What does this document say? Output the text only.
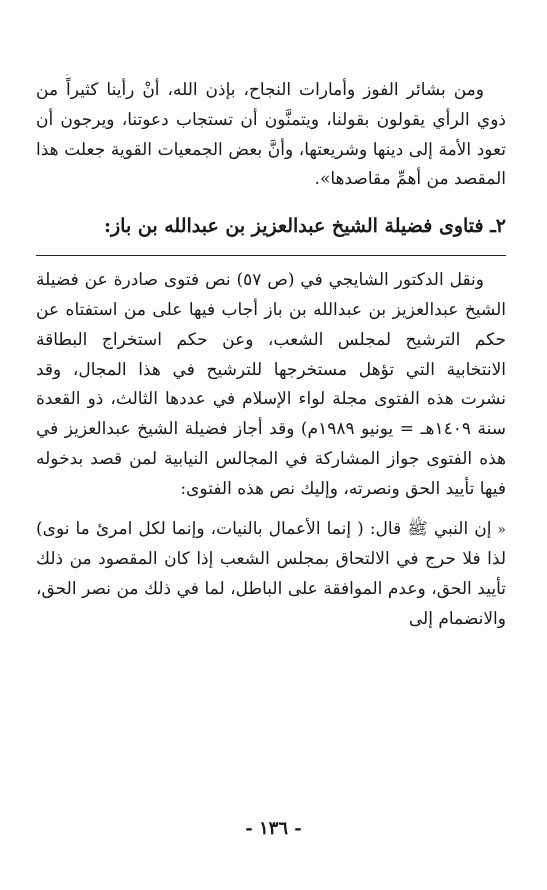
ومن بشائر الفوز وأمارات النجاح، بإذن الله، أنْ رأينا كثيراً من ذوي الرأي يقولون بقولنا، ويتمنَّون أن تستجاب دعوتنا، ويرجون أن تعود الأمة إلى دينها وشريعتها، وأنَّ بعض الجمعيات القوية جعلت هذا المقصد من أهمِّ مقاصدها».

٢ـ فتاوى فضيلة الشيخ عبدالعزيز بن عبدالله بن باز:

ونقل الدكتور الشايجي في (ص ٥٧) نص فتوى صادرة عن فضيلة الشيخ عبدالعزيز بن عبدالله بن باز أجاب فيها على من استفتاه عن حكم الترشيح لمجلس الشعب، وعن حكم استخراج البطاقة الانتخابية التي تؤهل مستخرجها للترشيح في هذا المجال، وقد نشرت هذه الفتوى مجلة لواء الإسلام في عددها الثالث، ذو القعدة سنة ١٤٠٩هـ = يونيو ١٩٨٩م) وقد أجاز فضيلة الشيخ عبدالعزيز في هذه الفتوى جواز المشاركة في المجالس النيابية لمن قصد بدخوله فيها تأييد الحق ونصرته، وإليك نص هذه الفتوى:

«إن النبي ﷺ قال: ( إنما الأعمال بالنيات، وإنما لكل امرئ ما نوى) لذا فلا حرج في الالتحاق بمجلس الشعب إذا كان المقصود من ذلك تأييد الحق، وعدم الموافقة على الباطل، لما في ذلك من نصر الحق، والانضمام إلى

- ١٣٦ -
